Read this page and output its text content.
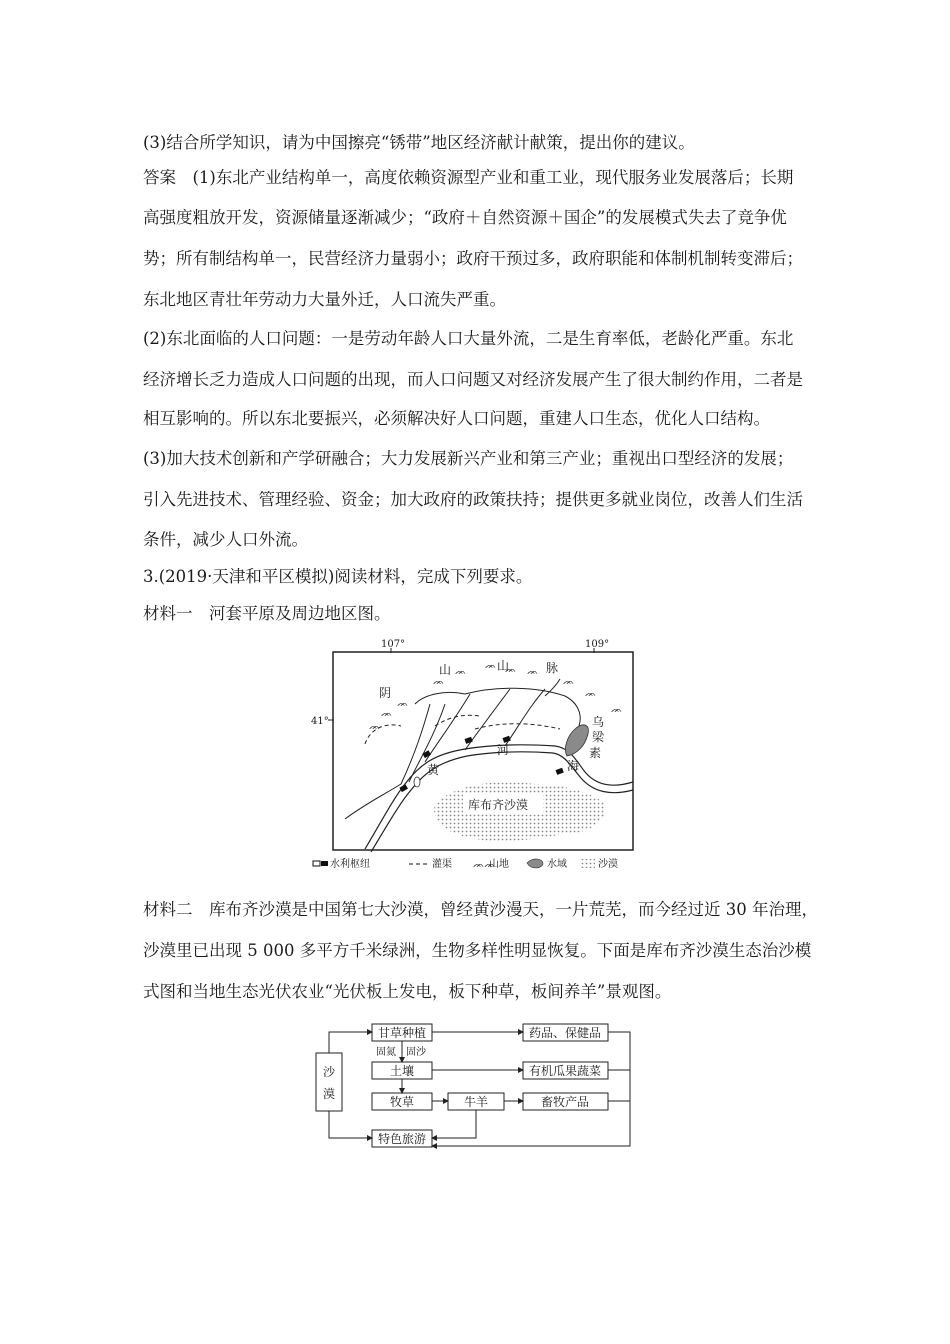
(3)结合所学知识，请为中国擦亮“锈带”地区经济献计献策，提出你的建议。
答案　(1)东北产业结构单一，高度依赖资源型产业和重工业，现代服务业发展落后；长期
高强度粗放开发，资源储量逐渐减少；“政府＋自然资源＋国企”的发展模式失去了竞争优
势；所有制结构单一，民营经济力量弱小；政府干预过多，政府职能和体制机制转变滞后；
东北地区青壮年劳动力大量外迁，人口流失严重。
(2)东北面临的人口问题：一是劳动年龄人口大量外流，二是生育率低，老龄化严重。东北
经济增长乏力造成人口问题的出现，而人口问题又对经济发展产生了很大制约作用，二者是
相互影响的。所以东北要振兴，必须解决好人口问题，重建人口生态，优化人口结构。
(3)加大技术创新和产学研融合；大力发展新兴产业和第三产业；重视出口型经济的发展；
引入先进技术、管理经验、资金；加大政府的政策扶持；提供更多就业岗位，改善人们生活
条件，减少人口外流。
3.(2019·天津和平区模拟)阅读材料，完成下列要求。
材料一　河套平原及周边地区图。
107°	109°
41°
库布齐沙漠
ᨏ
ᨏ
ᨏ
ᨏ
ᨏ
ᨏ ᨏ ᨏ
ᨏ
ᨏ
ᨏ
阴
山	山	脉
乌
梁
素
海
黄
河
水利枢纽	灌渠 ᨏᨏ
山地	水域	沙漠
材料二　库布齐沙漠是中国第七大沙漠，曾经黄沙漫天，一片荒芜，而今经过近 30 年治理，
沙漠里已出现 5 000 多平方千米绿洲，生物多样性明显恢复。下面是库布齐沙漠生态治沙模
式图和当地生态光伏农业“光伏板上发电，板下种草，板间养羊”景观图。
沙
漠
甘草种植
土壤
牧草	牛羊
特色旅游
药品、保健品
有机瓜果蔬菜
畜牧产品
固氮 固沙
